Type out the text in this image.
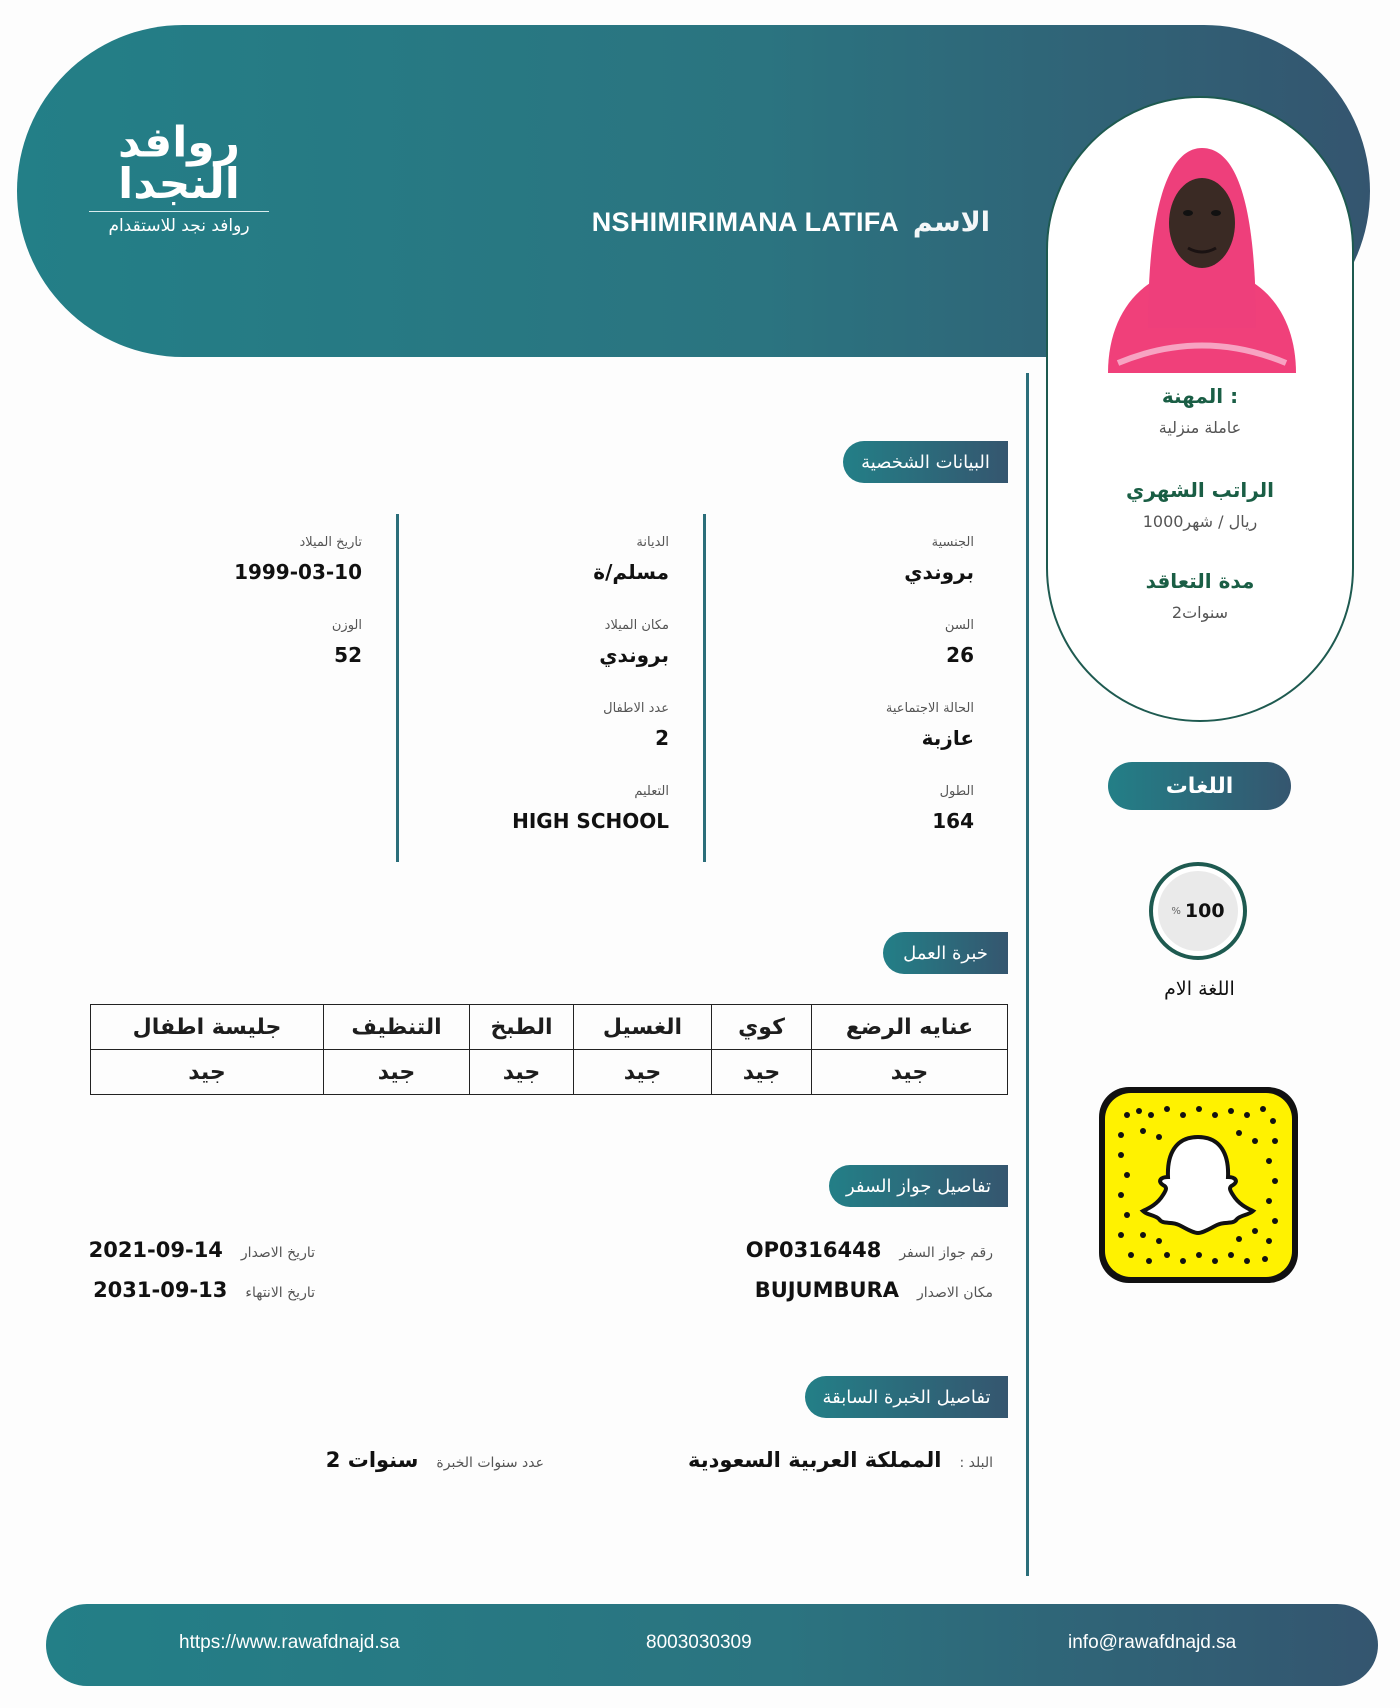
روافد النجدا
روافد نجد للاستقدام	NSHIMIRIMANA LATIFA الاسم
المهنة :
عاملة منزلية
الراتب الشهري
1000ريال / شهر
مدة التعاقد
2سنوات
البيانات الشخصية
الجنسية
بروندي
السن
26
الحالة الاجتماعية
عازبة
الطول
164
الديانة
مسلم/ة
مكان الميلاد
بروندي
عدد الاطفال
2
التعليم
HIGH SCHOOL
تاريخ الميلاد
1999-03-10
الوزن
52
خبرة العمل
عنايه الرضع	كوي	الغسيل	الطبخ	التنظيف	جليسة اطفال
جيد	جيد	جيد	جيد	جيد	جيد
تفاصيل جواز السفر
رقم جواز السفر
OP0316448
مكان الاصدار
BUJUMBURA
تاريخ الاصدار
2021-09-14
تاريخ الانتهاء
2031-09-13
تفاصيل الخبرة السابقة
البلد :
المملكة العربية السعودية
عدد سنوات الخبرة
2 سنوات
اللغات
% 100
اللغة الام
https://www.rawafdnajd.sa	8003030309	info@rawafdnajd.sa
